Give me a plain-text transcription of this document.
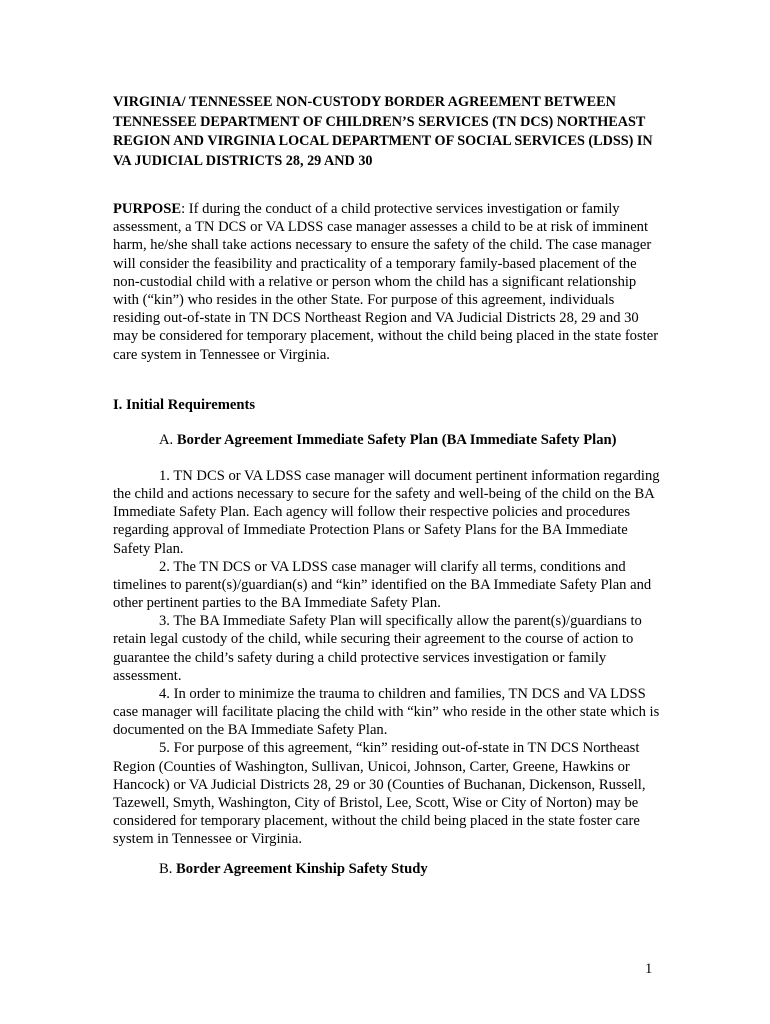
VIRGINIA/ TENNESSEE NON-CUSTODY BORDER AGREEMENT BETWEEN TENNESSEE DEPARTMENT OF CHILDREN’S SERVICES (TN DCS) NORTHEAST REGION AND VIRGINIA LOCAL DEPARTMENT OF SOCIAL SERVICES (LDSS) IN VA JUDICIAL DISTRICTS 28, 29 AND 30

PURPOSE: If during the conduct of a child protective services investigation or family assessment, a TN DCS or VA LDSS case manager assesses a child to be at risk of imminent harm, he/she shall take actions necessary to ensure the safety of the child. The case manager will consider the feasibility and practicality of a temporary family-based placement of the non-custodial child with a relative or person whom the child has a significant relationship with (“kin”) who resides in the other State. For purpose of this agreement, individuals residing out-of-state in TN DCS Northeast Region and VA Judicial Districts 28, 29 and 30 may be considered for temporary placement, without the child being placed in the state foster care system in Tennessee or Virginia.

I. Initial Requirements

A. Border Agreement Immediate Safety Plan (BA Immediate Safety Plan)

1. TN DCS or VA LDSS case manager will document pertinent information regarding the child and actions necessary to secure for the safety and well-being of the child on the BA Immediate Safety Plan. Each agency will follow their respective policies and procedures regarding approval of Immediate Protection Plans or Safety Plans for the BA Immediate Safety Plan.

2. The TN DCS or VA LDSS case manager will clarify all terms, conditions and timelines to parent(s)/guardian(s) and “kin” identified on the BA Immediate Safety Plan and other pertinent parties to the BA Immediate Safety Plan.

3. The BA Immediate Safety Plan will specifically allow the parent(s)/guardians to retain legal custody of the child, while securing their agreement to the course of action to guarantee the child’s safety during a child protective services investigation or family assessment.

4. In order to minimize the trauma to children and families, TN DCS and VA LDSS case manager will facilitate placing the child with “kin” who reside in the other state which is documented on the BA Immediate Safety Plan.

5. For purpose of this agreement, “kin” residing out-of-state in TN DCS Northeast Region (Counties of Washington, Sullivan, Unicoi, Johnson, Carter, Greene, Hawkins or Hancock) or VA Judicial Districts 28, 29 or 30 (Counties of Buchanan, Dickenson, Russell, Tazewell, Smyth, Washington, City of Bristol, Lee, Scott, Wise or City of Norton) may be considered for temporary placement, without the child being placed in the state foster care system in Tennessee or Virginia.

B. Border Agreement Kinship Safety Study

1
